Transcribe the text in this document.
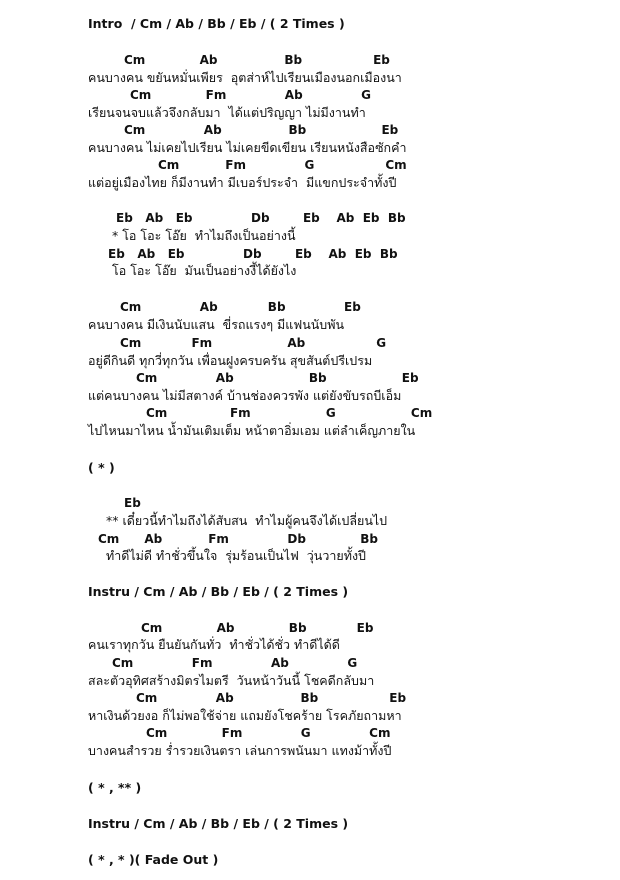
Intro  / Cm / Ab / Bb / Eb / ( 2 Times )
Cm             Ab                Bb                 Eb
คนบางคน ขยันหมั่นเพียร  อุตส่าห์ไปเรียนเมืองนอกเมืองนา
Cm             Fm              Ab              G
เรียนจนจบแล้วจึงกลับมา  ได้แต่ปริญญา ไม่มีงานทำ
Cm              Ab                Bb                  Eb
คนบางคน ไม่เคยไปเรียน ไม่เคยขีดเขียน เรียนหนังสือซักคำ
Cm           Fm              G                 Cm
แต่อยู่เมืองไทย ก็มีงานทำ มีเบอร์ประจำ  มีแขกประจำทั้งปี
Eb   Ab   Eb              Db        Eb    Ab  Eb  Bb
* โอ โอะ โอ๊ย  ทำไมถึงเป็นอย่างนี้
Eb   Ab   Eb              Db        Eb    Ab  Eb  Bb
โอ โอะ โอ๊ย  มันเป็นอย่างงี้ได้ยังไง
Cm              Ab            Bb              Eb
คนบางคน มีเงินนับแสน  ขี่รถแรงๆ มีแฟนนับพัน
Cm            Fm                  Ab                 G
อยู่ดีกินดี ทุกวี่ทุกวัน เพื่อนฝูงครบครัน สุขสันต์ปรีเปรม
Cm              Ab                  Bb                  Eb
แต่คนบางคน ไม่มีสตางค์ บ้านช่องควรพัง แต่ยังขับรถบีเอ็ม
Cm               Fm                  G                  Cm
ไปไหนมาไหน น้ำมันเติมเต็ม หน้าตาอิ่มเอม แต่ลำเค็ญภายใน
( * )
Eb
** เดี๋ยวนี้ทำไมถึงได้สับสน  ทำไมผู้คนจึงได้เปลี่ยนไป
Cm      Ab           Fm              Db             Bb
ทำดีไม่ดี ทำชั่วขึ้นใจ  รุ่มร้อนเป็นไฟ  วุ่นวายทั้งปี
Instru / Cm / Ab / Bb / Eb / ( 2 Times )
Cm             Ab             Bb            Eb
คนเราทุกวัน ยืนยันกันทั่ว  ทำชั่วได้ชั่ว ทำดีได้ดี
Cm              Fm              Ab              G
สละตัวอุทิศสร้างมิตรไมตรี  วันหน้าวันนี้ โชคดีกลับมา
Cm              Ab                Bb                 Eb
หาเงินด้วยงอ ก็ไม่พอใช้จ่าย แถมยังโชคร้าย โรคภัยถามหา
Cm             Fm              G              Cm
บางคนสำรวย ร่ำรวยเงินตรา เล่นการพนันมา แทงม้าทั้งปี
( * , ** )
Instru / Cm / Ab / Bb / Eb / ( 2 Times )
( * , * )( Fade Out )
